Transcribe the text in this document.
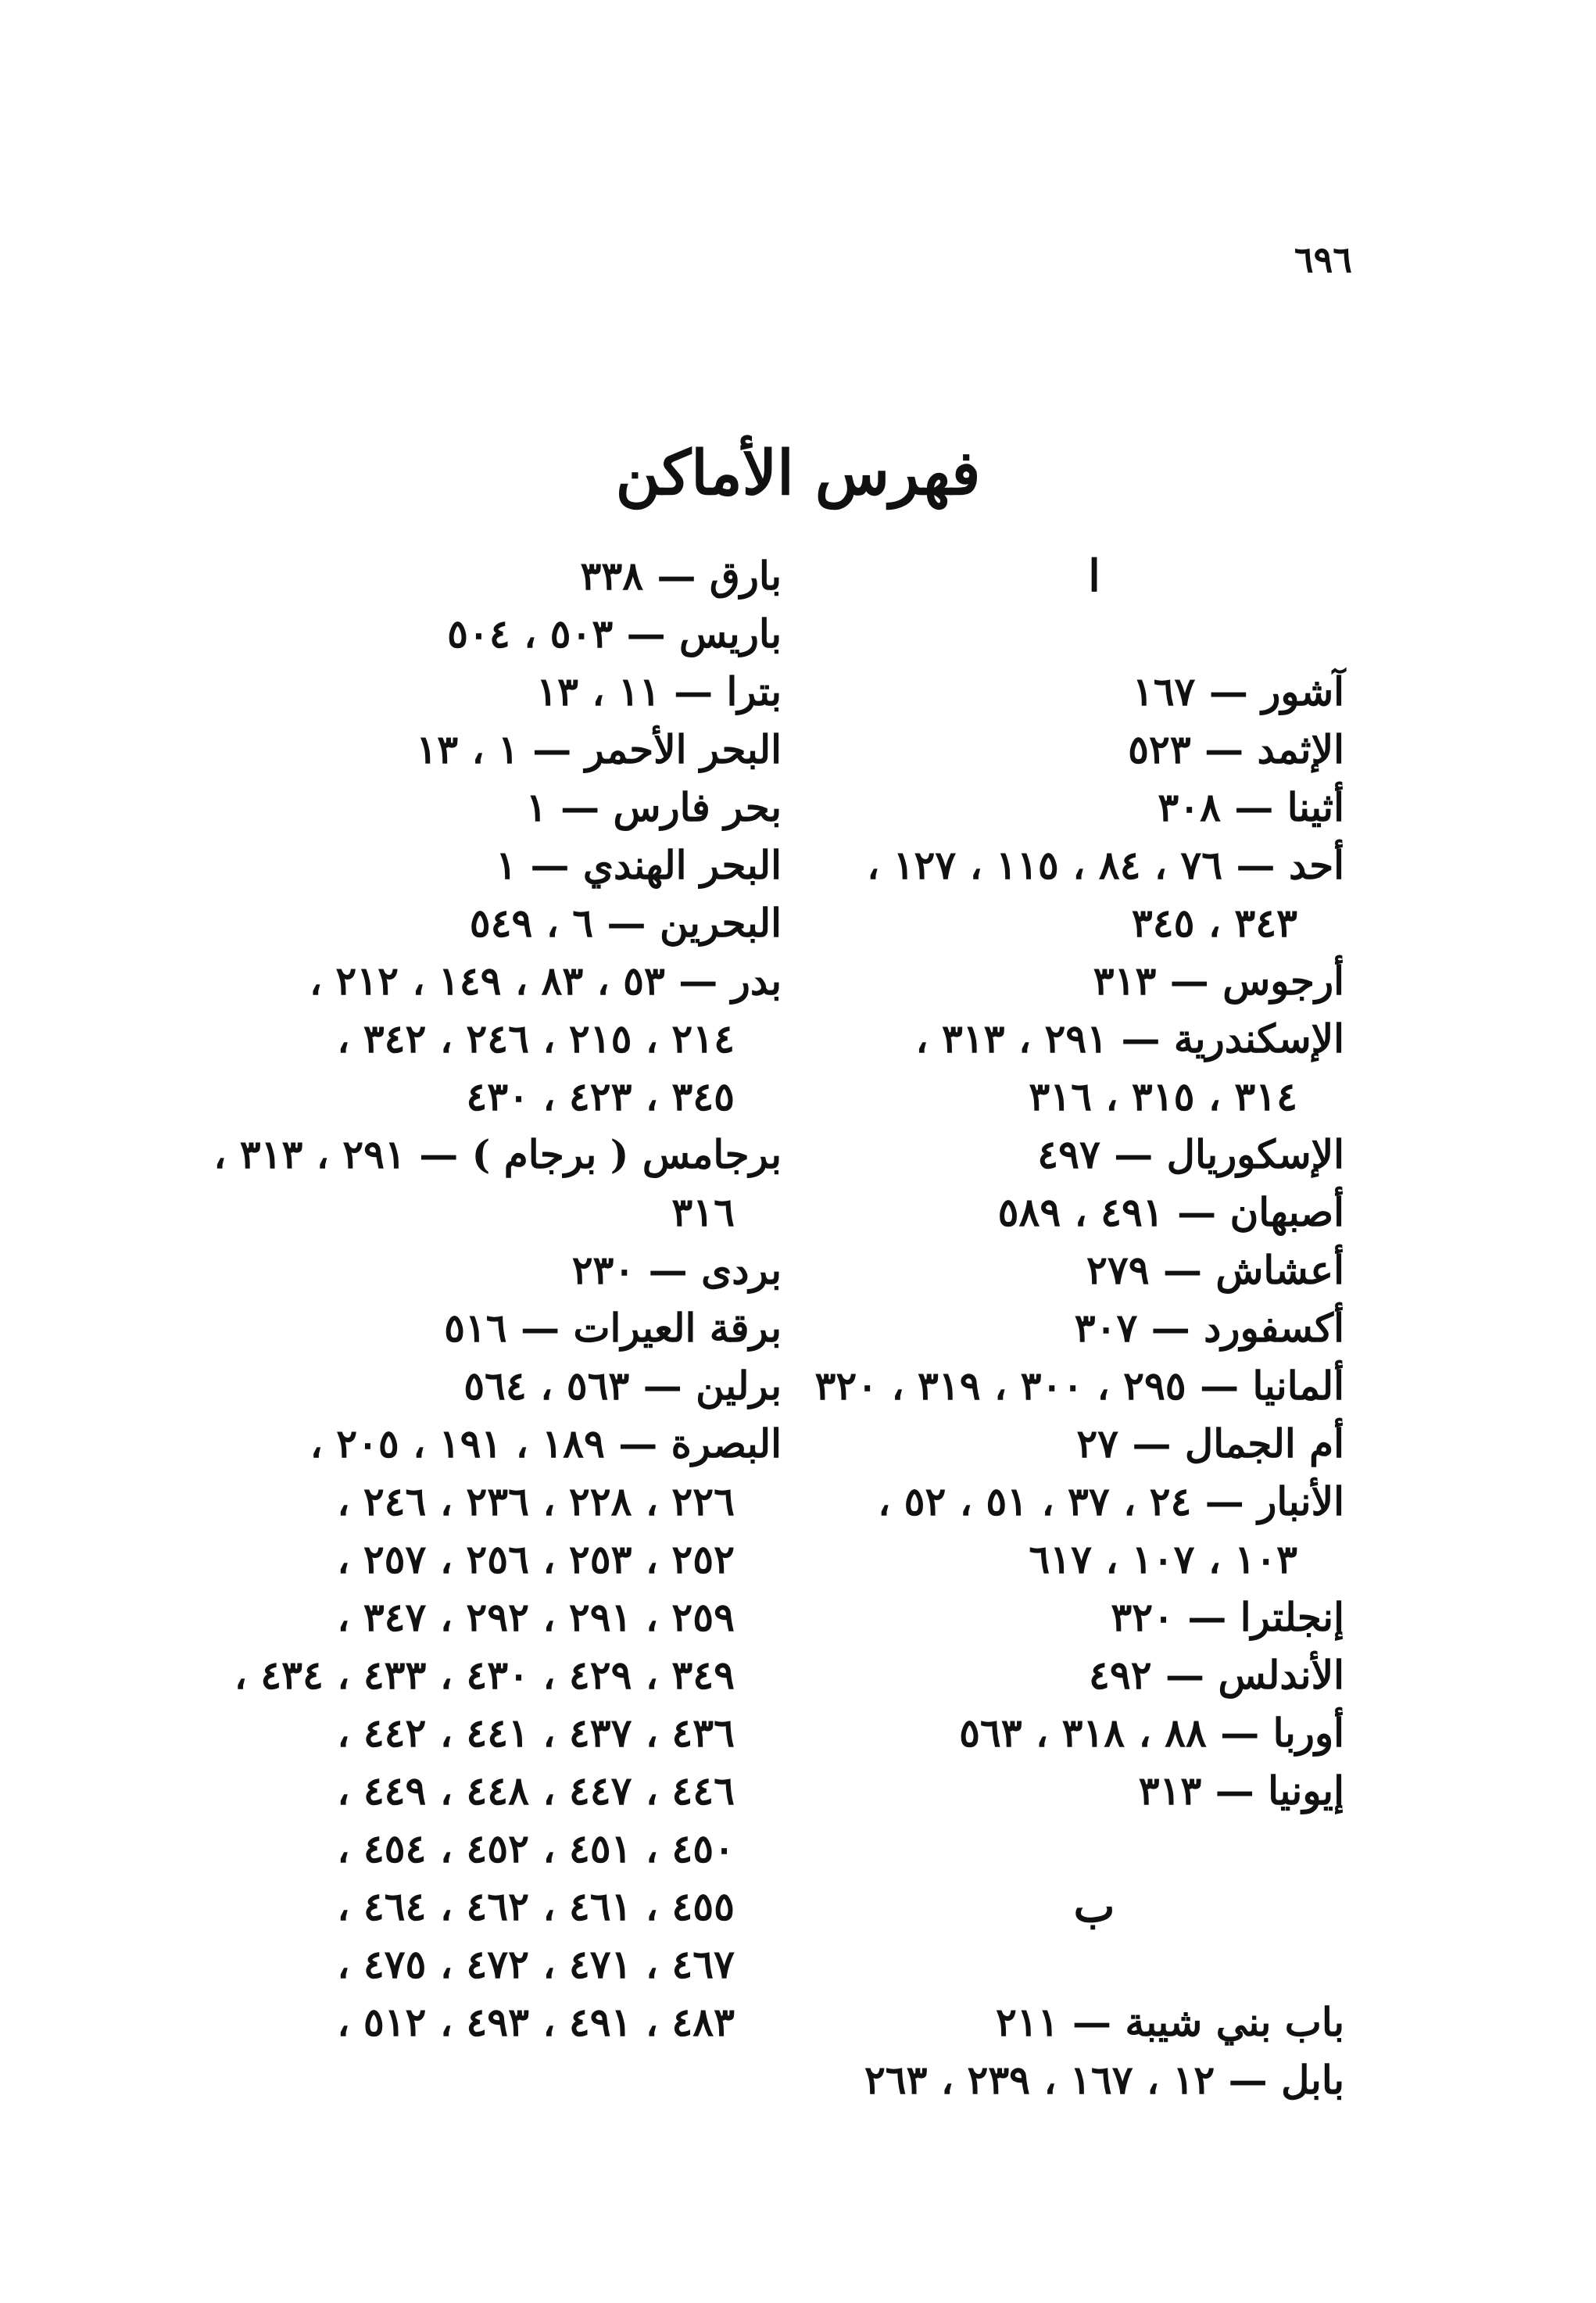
٦٩٦
فهرس الأماكن
ا
آشور — ١٦٧
الإثمد — ٥٢٣
أثينا — ٣٠٨
أحد — ٧٦ ، ٨٤ ، ١١٥ ، ١٢٧ ،
٣٤٣ ، ٣٤٥
أرجوس — ٣١٣
الإسكندرية — ٢٩١ ، ٣١٣ ،
٣١٤ ، ٣١٥ ، ٣١٦
الإسكوريال — ٤٩٧
أصبهان — ٤٩١ ، ٥٨٩
أعشاش — ٢٧٩
أكسفورد — ٣٠٧
ألمانيا — ٢٩٥ ، ٣٠٠ ، ٣١٩ ، ٣٢٠
أم الجمال — ٢٧
الأنبار — ٢٤ ، ٣٧ ، ٥١ ، ٥٢ ،
١٠٣ ، ١٠٧ ، ٦١٧
إنجلترا — ٣٢٠
الأندلس — ٤٩٢
أوربا — ٨٨ ، ٣١٨ ، ٥٦٣
إيونيا — ٣١٣
ب
باب بني شيبة — ٢١١
بابل — ١٢ ، ١٦٧ ، ٢٣٩ ، ٢٦٣
بارق — ٣٣٨
باريس — ٥٠٣ ، ٥٠٤
بترا — ١١ ، ١٣
البحر الأحمر — ١ ، ١٣
بحر فارس — ١
البحر الهندي — ١
البحرين — ٦ ، ٥٤٩
بدر — ٥٣ ، ٨٣ ، ١٤٩ ، ٢١٢ ،
٢١٤ ، ٢١٥ ، ٢٤٦ ، ٣٤٢ ،
٣٤٥ ، ٤٢٣ ، ٤٣٠
برجامس ( برجام ) — ٢٩١ ، ٣١٣ ،
٣١٦
بردى — ٢٣٠
برقة العيرات — ٥١٦
برلين — ٥٦٣ ، ٥٦٤
البصرة — ١٨٩ ، ١٩١ ، ٢٠٥ ،
٢٢٦ ، ٢٢٨ ، ٢٣٦ ، ٢٤٦ ،
٢٥٢ ، ٢٥٣ ، ٢٥٦ ، ٢٥٧ ،
٢٥٩ ، ٢٩١ ، ٢٩٢ ، ٣٤٧ ،
٣٤٩ ، ٤٢٩ ، ٤٣٠ ، ٤٣٣ ، ٤٣٤ ،
٤٣٦ ، ٤٣٧ ، ٤٤١ ، ٤٤٢ ،
٤٤٦ ، ٤٤٧ ، ٤٤٨ ، ٤٤٩ ،
٤٥٠ ، ٤٥١ ، ٤٥٢ ، ٤٥٤ ،
٤٥٥ ، ٤٦١ ، ٤٦٢ ، ٤٦٤ ،
٤٦٧ ، ٤٧١ ، ٤٧٢ ، ٤٧٥ ،
٤٨٣ ، ٤٩١ ، ٤٩٣ ، ٥١٢ ،
